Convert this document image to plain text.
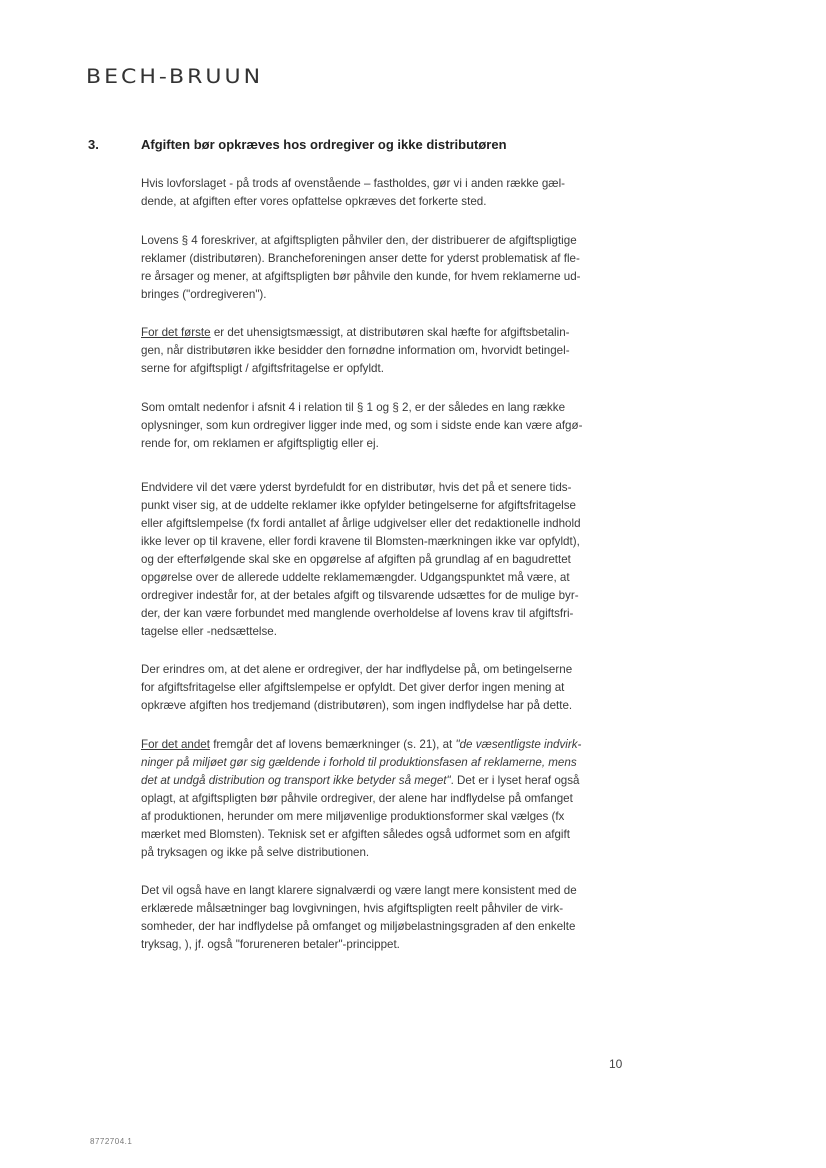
BECH-BRUUN
3.	Afgiften bør opkræves hos ordregiver og ikke distributøren

Hvis lovforslaget - på trods af ovenstående – fastholdes, gør vi i anden række gæl-
dende, at afgiften efter vores opfattelse opkræves det forkerte sted.

Lovens § 4 foreskriver, at afgiftspligten påhviler den, der distribuerer de afgiftspligtige
reklamer (distributøren). Brancheforeningen anser dette for yderst problematisk af fle-
re årsager og mener, at afgiftspligten bør påhvile den kunde, for hvem reklamerne ud-
bringes ("ordregiveren").

For det første er det uhensigtsmæssigt, at distributøren skal hæfte for afgiftsbetalin-
gen, når distributøren ikke besidder den fornødne information om, hvorvidt betingel-
serne for afgiftspligt / afgiftsfritagelse er opfyldt.

Som omtalt nedenfor i afsnit 4 i relation til § 1 og § 2, er der således en lang række
oplysninger, som kun ordregiver ligger inde med, og som i sidste ende kan være afgø-
rende for, om reklamen er afgiftspligtig eller ej.

Endvidere vil det være yderst byrdefuldt for en distributør, hvis det på et senere tids-
punkt viser sig, at de uddelte reklamer ikke opfylder betingelserne for afgiftsfritagelse
eller afgiftslempelse (fx fordi antallet af årlige udgivelser eller det redaktionelle indhold
ikke lever op til kravene, eller fordi kravene til Blomsten-mærkningen ikke var opfyldt),
og der efterfølgende skal ske en opgørelse af afgiften på grundlag af en bagudrettet
opgørelse over de allerede uddelte reklamemængder. Udgangspunktet må være, at
ordregiver indestår for, at der betales afgift og tilsvarende udsættes for de mulige byr-
der, der kan være forbundet med manglende overholdelse af lovens krav til afgiftsfri-
tagelse eller -nedsættelse.

Der erindres om, at det alene er ordregiver, der har indflydelse på, om betingelserne
for afgiftsfritagelse eller afgiftslempelse er opfyldt. Det giver derfor ingen mening at
opkræve afgiften hos tredjemand (distributøren), som ingen indflydelse har på dette.

For det andet fremgår det af lovens bemærkninger (s. 21), at "de væsentligste indvirk-
ninger på miljøet gør sig gældende i forhold til produktionsfasen af reklamerne, mens
det at undgå distribution og transport ikke betyder så meget". Det er i lyset heraf også
oplagt, at afgiftspligten bør påhvile ordregiver, der alene har indflydelse på omfanget
af produktionen, herunder om mere miljøvenlige produktionsformer skal vælges (fx
mærket med Blomsten). Teknisk set er afgiften således også udformet som en afgift
på tryksagen og ikke på selve distributionen.

Det vil også have en langt klarere signalværdi og være langt mere konsistent med de
erklærede målsætninger bag lovgivningen, hvis afgiftspligten reelt påhviler de virk-
somheder, der har indflydelse på omfanget og miljøbelastningsgraden af den enkelte
tryksag, ), jf. også "forureneren betaler"-princippet.

10
8772704.1
